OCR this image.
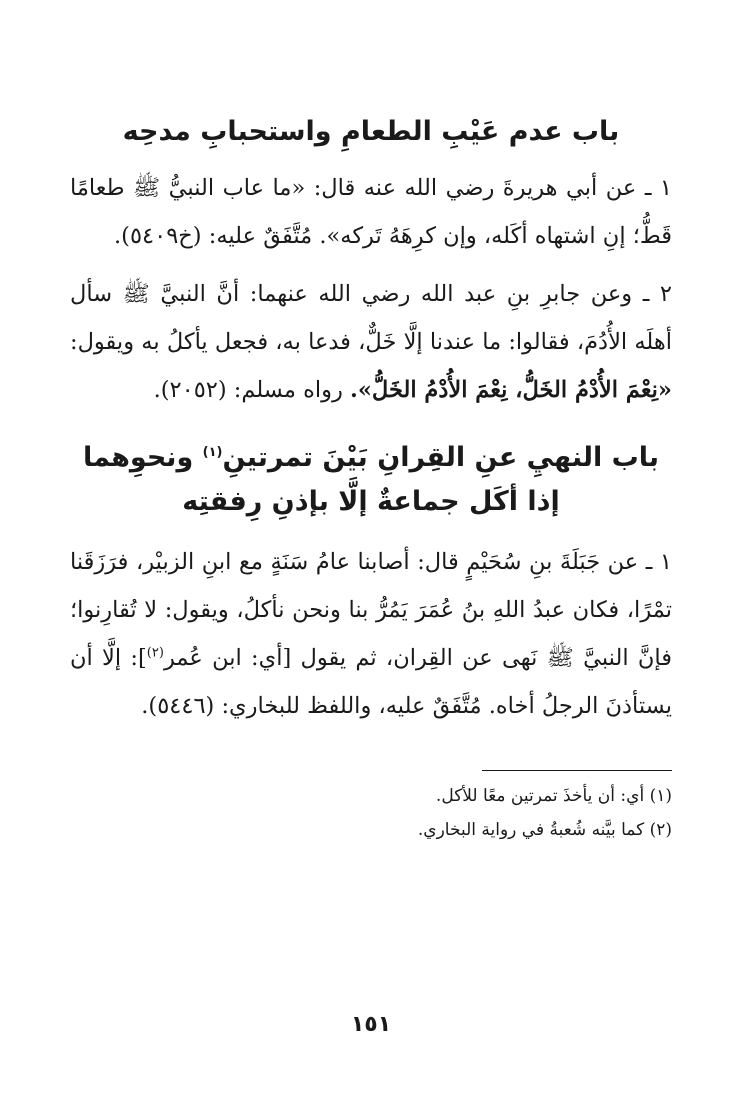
باب عدم عَيْبِ الطعامِ واستحبابِ مدحِه

١ ـ عن أبي هريرةَ رضي الله عنه قال: «ما عاب النبيُّ ﷺ طعامًا قَطُّ؛ إنِ اشتهاه أكَله، وإن كرِهَهُ تَركه». مُتَّفَقٌ عليه: (خ٥٤٠٩).

٢ ـ وعن جابرِ بنِ عبد الله رضي الله عنهما: أنَّ النبيَّ ﷺ سأل أهلَه الأُدُمَ، فقالوا: ما عندنا إلَّا خَلٌّ، فدعا به، فجعل يأكلُ به ويقول: «نِعْمَ الأُدْمُ الخَلُّ، نِعْمَ الأُدْمُ الخَلُّ». رواه مسلم: (٢٠٥٢).

باب النهيِ عنِ القِرانِ بَيْنَ تمرتينِ$^{(١)}$ ونحوِهما
إذا أكَل جماعةٌ إلَّا بإذنِ رِفقتِه

١ ـ عن جَبَلَةَ بنِ سُحَيْمٍ قال: أصابنا عامُ سَنَةٍ مع ابنِ الزبيْر، فرَزَقَنا تمْرًا، فكان عبدُ اللهِ بنُ عُمَرَ يَمُرُّ بنا ونحن نأكلُ، ويقول: لا تُقارِنوا؛ فإنَّ النبيَّ ﷺ نَهى عن القِران، ثم يقول [أي: ابن عُمر$^{(٢)}$]: إلَّا أن يستأذنَ الرجلُ أخاه. مُتَّفَقٌ عليه، واللفظ للبخاري: (٥٤٤٦).

(١) أي: أن يأخذَ تمرتين معًا للأكل.

(٢) كما بيَّنه شُعبةُ في رواية البخاري.

١٥١
